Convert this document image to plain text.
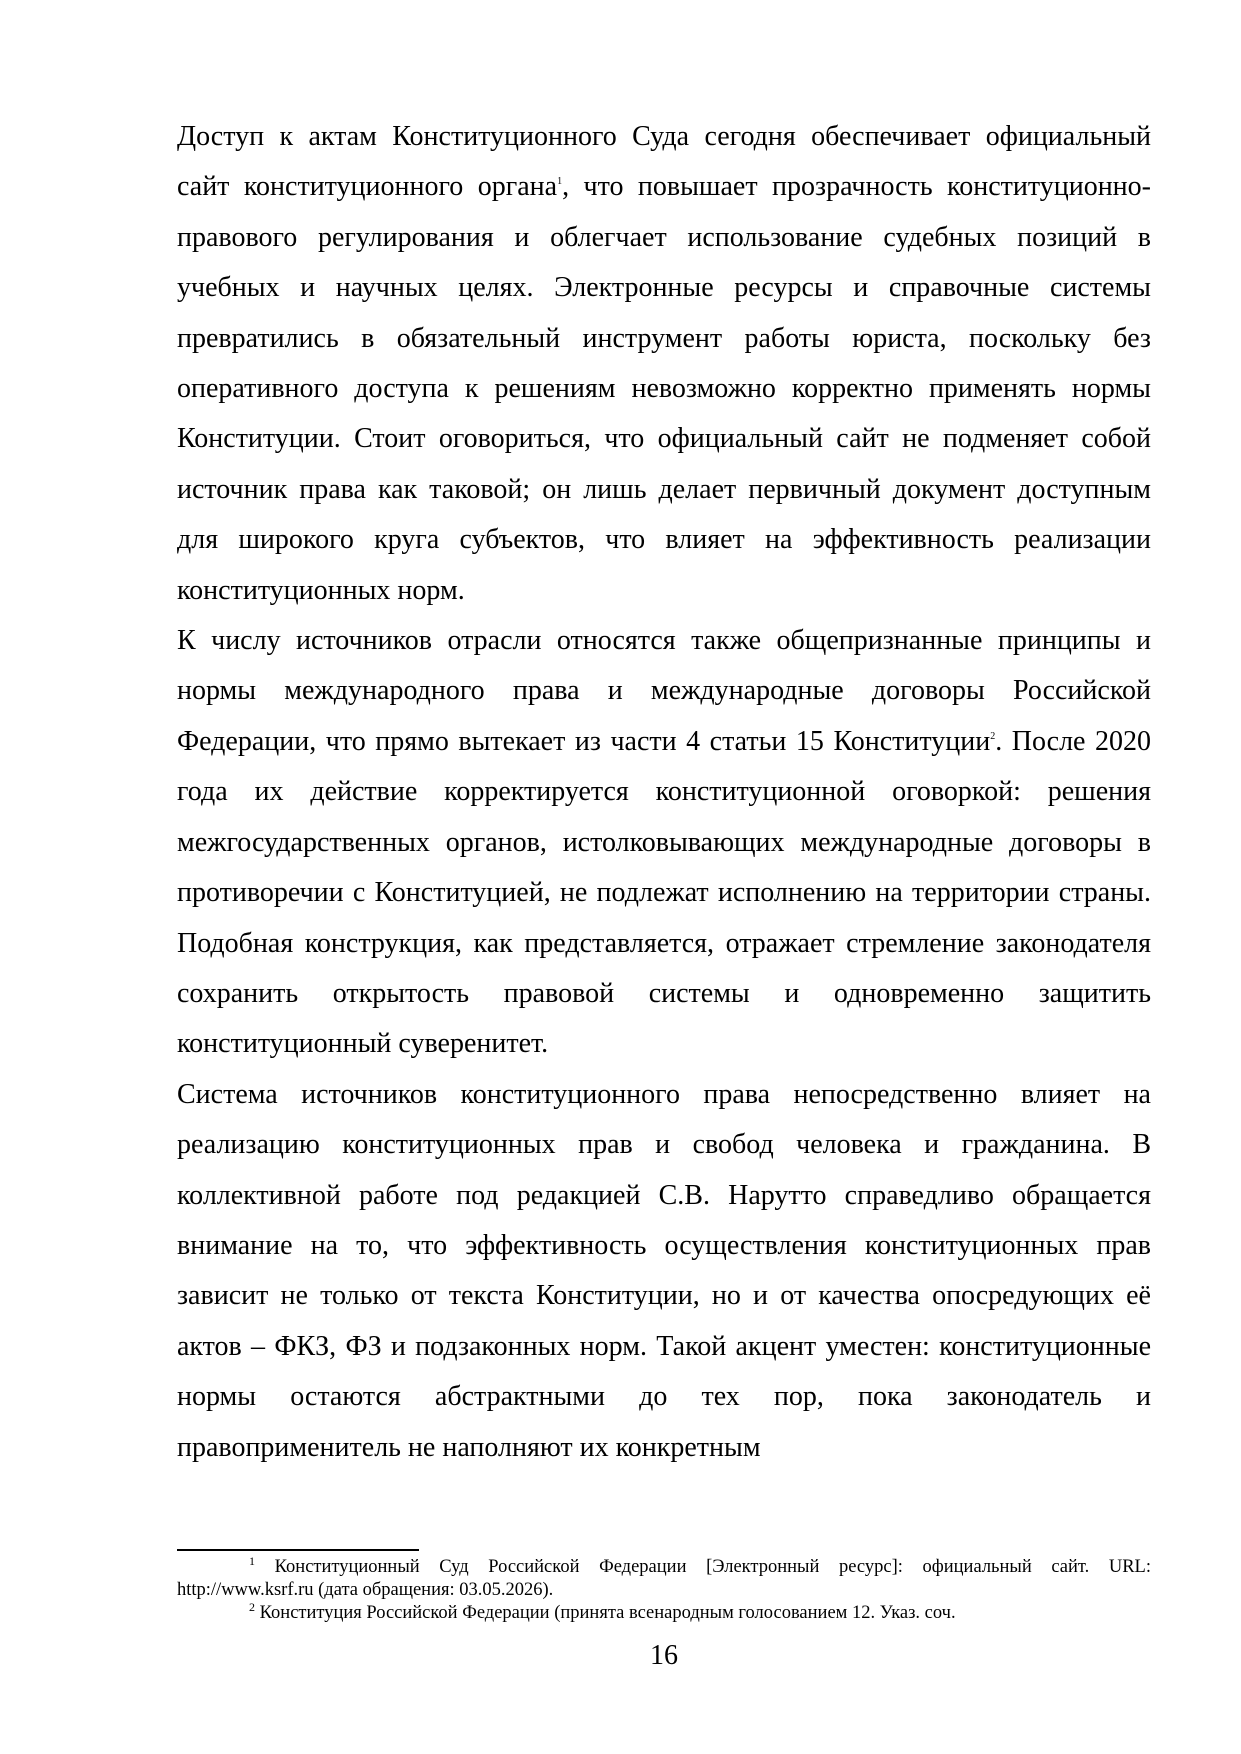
Доступ к актам Конституционного Суда сегодня обеспечивает официальный сайт конституционного органа$^1$, что повышает прозрачность конституционно-правового регулирования и облегчает использование судебных позиций в учебных и научных целях. Электронные ресурсы и справочные системы превратились в обязательный инструмент работы юриста, поскольку без оперативного доступа к решениям невозможно корректно применять нормы Конституции. Стоит оговориться, что официальный сайт не подменяет собой источник права как таковой; он лишь делает первичный документ доступным для широкого круга субъектов, что влияет на эффективность реализации конституционных норм.

К числу источников отрасли относятся также общепризнанные принципы и нормы международного права и международные договоры Российской Федерации, что прямо вытекает из части 4 статьи 15 Конституции$^2$. После 2020 года их действие корректируется конституционной оговоркой: решения межгосударственных органов, истолковывающих международные договоры в противоречии с Конституцией, не подлежат исполнению на территории страны. Подобная конструкция, как представляется, отражает стремление законодателя сохранить открытость правовой системы и одновременно защитить конституционный суверенитет.

Система источников конституционного права непосредственно влияет на реализацию конституционных прав и свобод человека и гражданина. В коллективной работе под редакцией С.В. Нарутто справедливо обращается внимание на то, что эффективность осуществления конституционных прав зависит не только от текста Конституции, но и от качества опосредующих её актов – ФКЗ, ФЗ и подзаконных норм. Такой акцент уместен: конституционные нормы остаются абстрактными до тех пор, пока законодатель и правоприменитель не наполняют их конкретным

$^1$ Конституционный Суд Российской Федерации [Электронный ресурс]: официальный сайт. URL: http://www.ksrf.ru (дата обращения: 03.05.2026).

$^2$ Конституция Российской Федерации (принята всенародным голосованием 12. Указ. соч.

16
